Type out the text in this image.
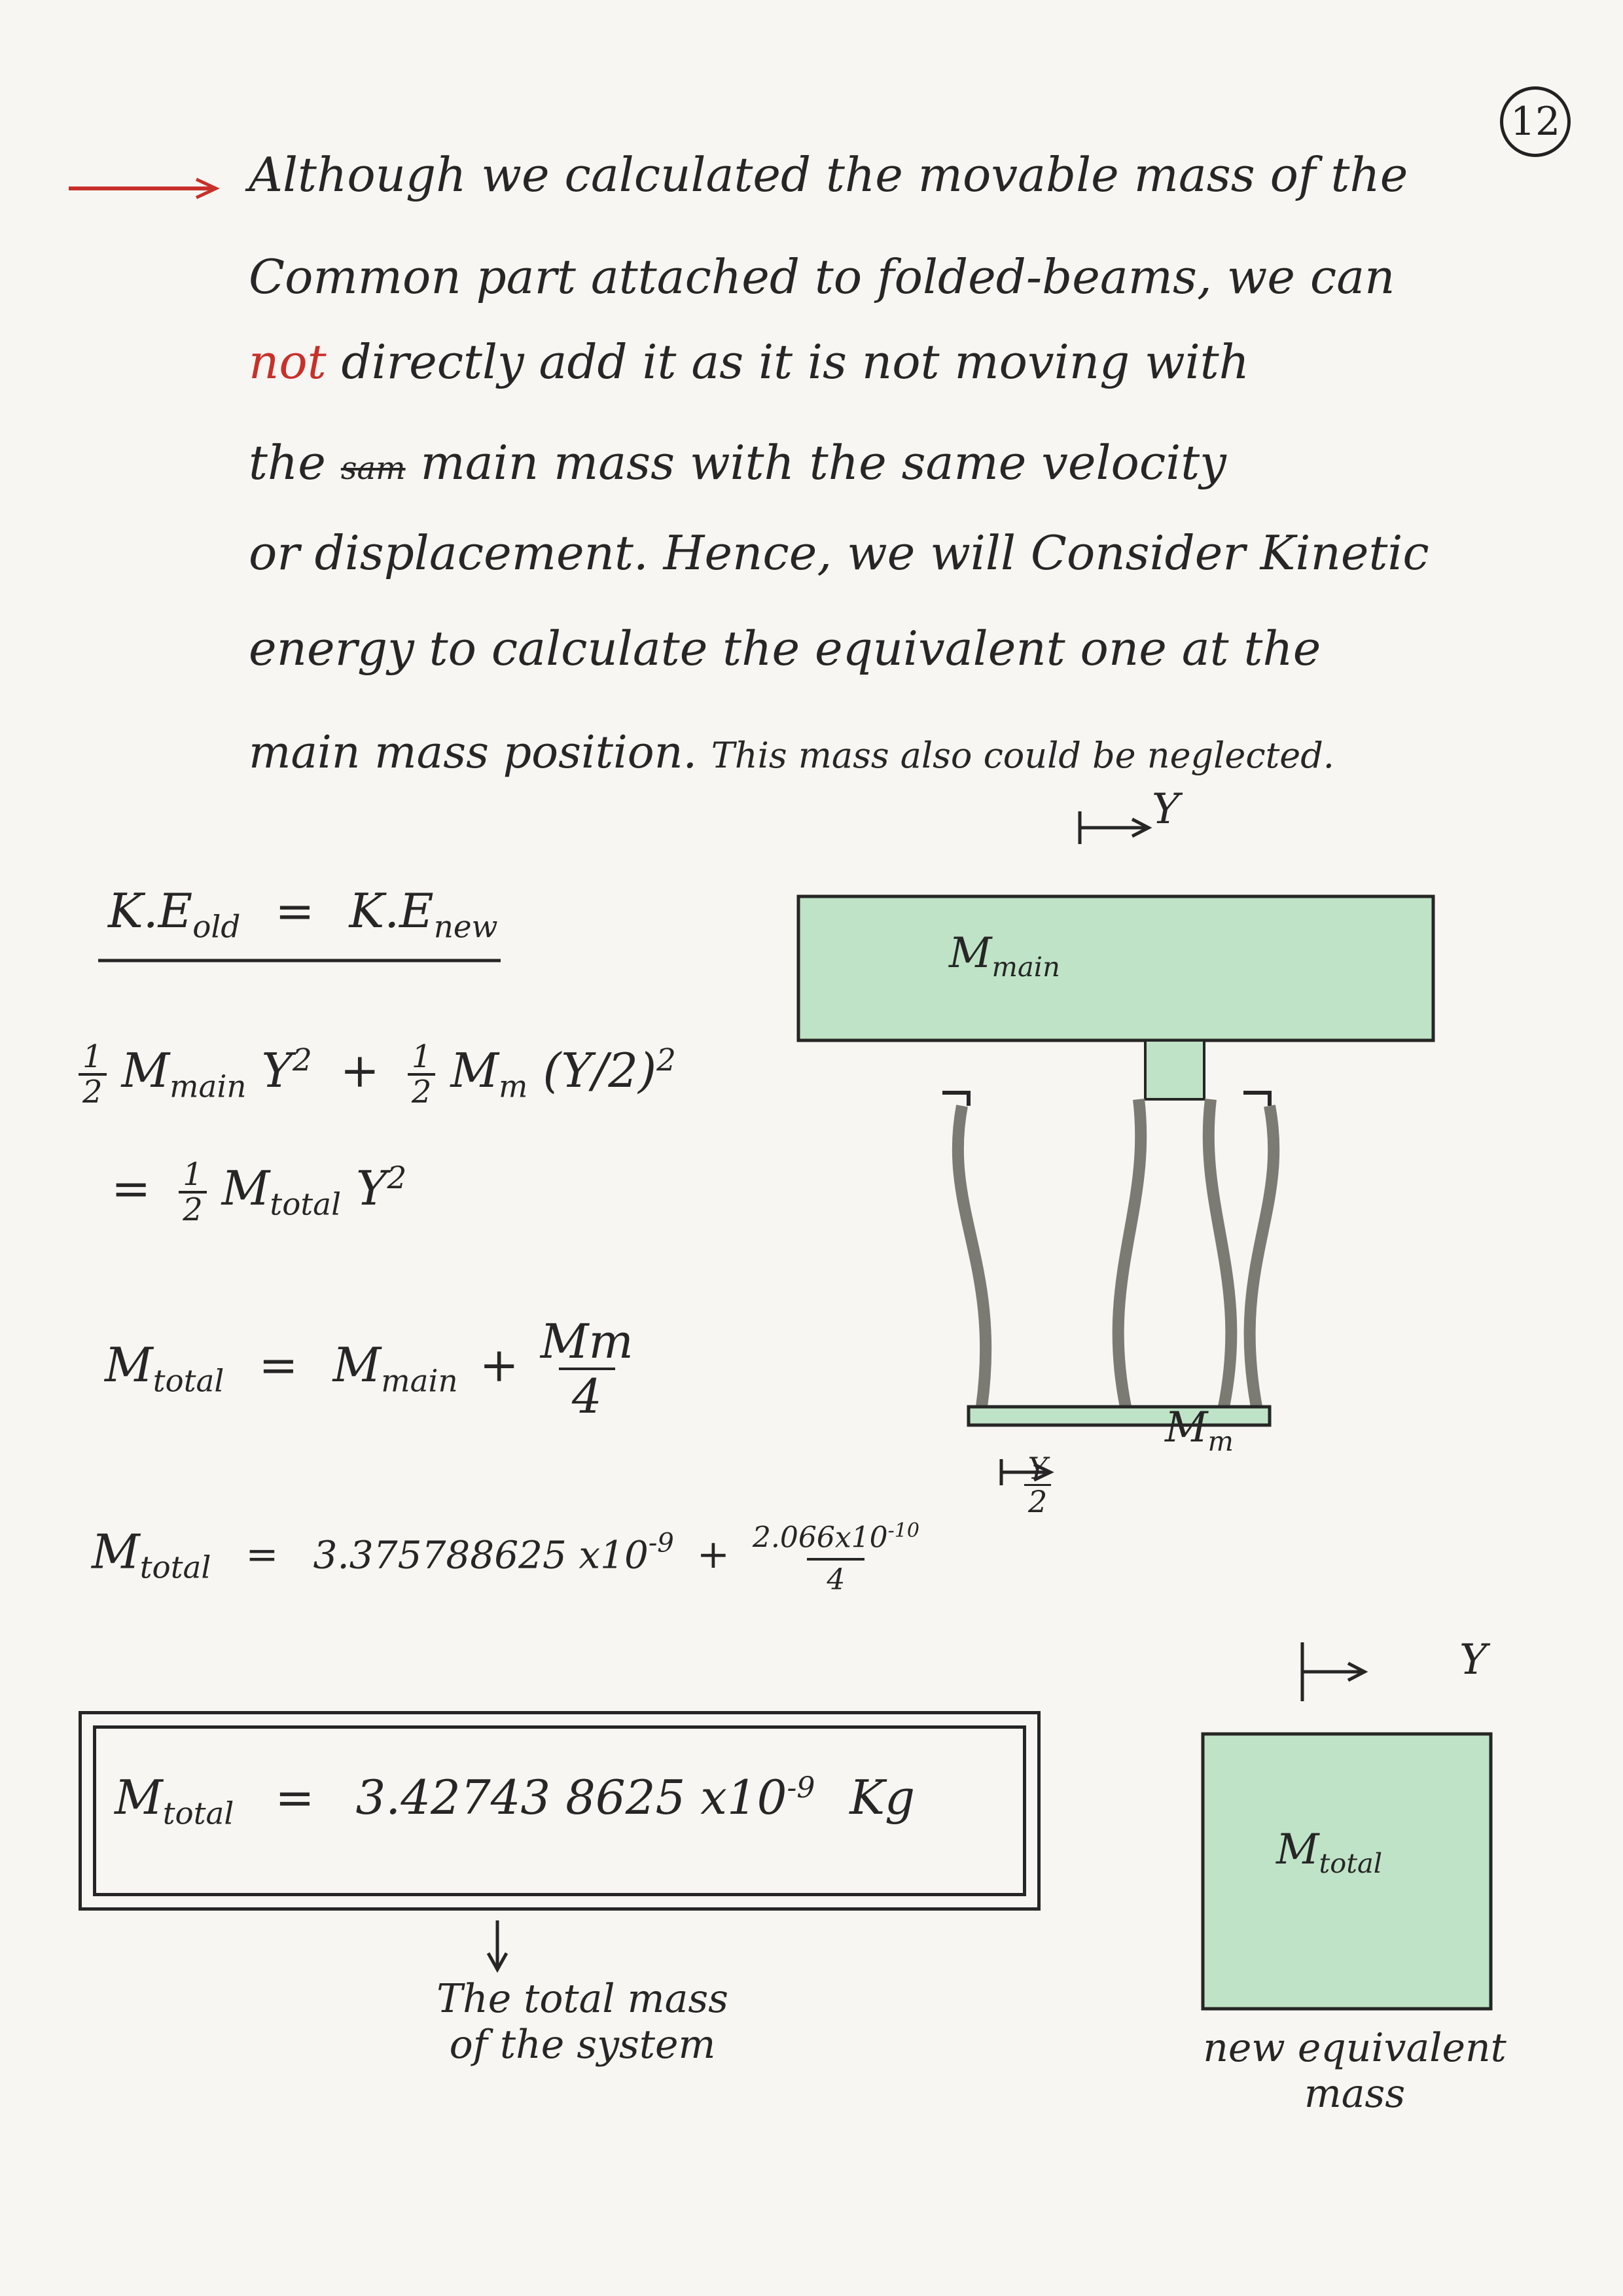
12
Although we calculated the movable mass of the
Common part attached to folded-beams, we can
not directly add it as it is not moving with
the sam main mass with the same velocity
or displacement. Hence, we will Consider Kinetic
energy to calculate the equivalent one at the
main mass position. This mass also could be neglected.
$K.E_{old} = K.E_{new}$
$\frac{1}{2} M_{main}$ $Y^2 + \frac{1}{2} M_m$ $(Y/2)^2$
= $\frac{1}{2} M_{total}$ $Y^2$
$M_{total} = M_{main} + \frac{Mm}{4}$
$M_{total} = 3.375788625$ $x10^{-9} + 2.066x10^{-10}$
4
$M_{total} = 3.42743$ 8625 $x10^{-9}$ Kg
The total mass
of the system
$M_{main}$
Y
$M_m$
$\frac{Y}{2}$
Y
$M_{total}$
new equivalent
mass
